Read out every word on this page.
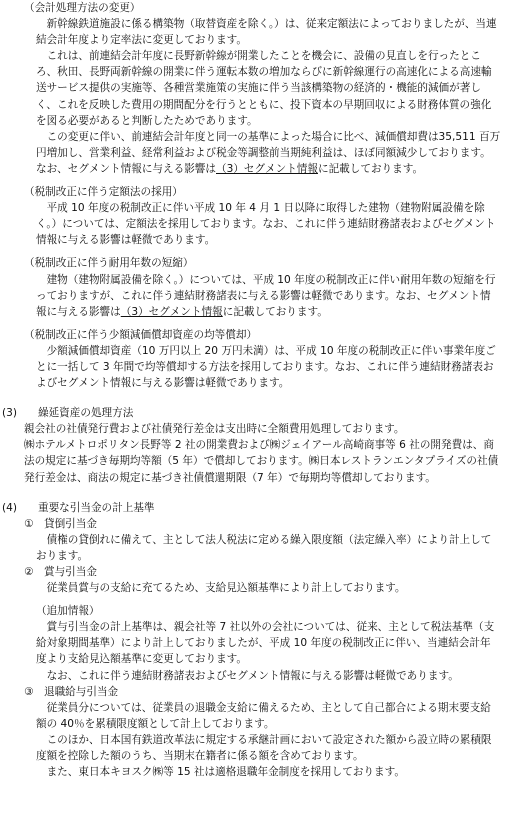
（会計処理方法の変更）

新幹線鉄道施設に係る構築物（取替資産を除く。）は、従来定額法によっておりましたが、当連結会計年度より定率法に変更しております。

これは、前連結会計年度に長野新幹線が開業したことを機会に、設備の見直しを行ったところ、秋田、長野両新幹線の開業に伴う運転本数の増加ならびに新幹線運行の高速化による高速輸送サービス提供の実施等、各種営業施策の実施に伴う当該構築物の経済的・機能的減価が著しく、これを反映した費用の期間配分を行うとともに、投下資本の早期回収による財務体質の強化を図る必要があると判断したためであります。

この変更に伴い、前連結会計年度と同一の基準によった場合に比べ、減価償却費は35,511 百万円増加し、営業利益、経常利益および税金等調整前当期純利益は、ほぼ同額減少しております。なお、セグメント情報に与える影響は（3）セグメント情報に記載しております。

（税制改正に伴う定額法の採用）

平成 10 年度の税制改正に伴い平成 10 年 4 月 1 日以降に取得した建物（建物附属設備を除く。）については、定額法を採用しております。なお、これに伴う連結財務諸表およびセグメント情報に与える影響は軽微であります。

（税制改正に伴う耐用年数の短縮）

建物（建物附属設備を除く。）については、平成 10 年度の税制改正に伴い耐用年数の短縮を行っておりますが、これに伴う連結財務諸表に与える影響は軽微であります。なお、セグメント情報に与える影響は（3）セグメント情報に記載しております。

（税制改正に伴う少額減価償却資産の均等償却）

少額減価償却資産（10 万円以上 20 万円未満）は、平成 10 年度の税制改正に伴い事業年度ごとに一括して 3 年間で均等償却する方法を採用しております。なお、これに伴う連結財務諸表およびセグメント情報に与える影響は軽微であります。

(3)	繰延資産の処理方法

親会社の社債発行費および社債発行差金は支出時に全額費用処理しております。

㈱ホテルメトロポリタン長野等 2 社の開業費および㈱ジェイアール高崎商事等 6 社の開発費は、商法の規定に基づき毎期均等額（5 年）で償却しております。㈱日本レストランエンタプライズの社債発行差金は、商法の規定に基づき社債償還期限（7 年）で毎期均等償却しております。

(4)	重要な引当金の計上基準
① 貸倒引当金

債権の貸倒れに備えて、主として法人税法に定める繰入限度額（法定繰入率）により計上しております。

② 賞与引当金

従業員賞与の支給に充てるため、支給見込額基準により計上しております。

（追加情報）

賞与引当金の計上基準は、親会社等 7 社以外の会社については、従来、主として税法基準（支給対象期間基準）により計上しておりましたが、平成 10 年度の税制改正に伴い、当連結会計年度より支給見込額基準に変更しております。

なお、これに伴う連結財務諸表およびセグメント情報に与える影響は軽微であります。

③ 退職給与引当金

従業員分については、従業員の退職金支給に備えるため、主として自己都合による期末要支給額の 40％を累積限度額として計上しております。

このほか、日本国有鉄道改革法に規定する承継計画において設定された額から設立時の累積限度額を控除した額のうち、当期末在籍者に係る額を含めております。

また、東日本キヨスク㈱等 15 社は適格退職年金制度を採用しております。
